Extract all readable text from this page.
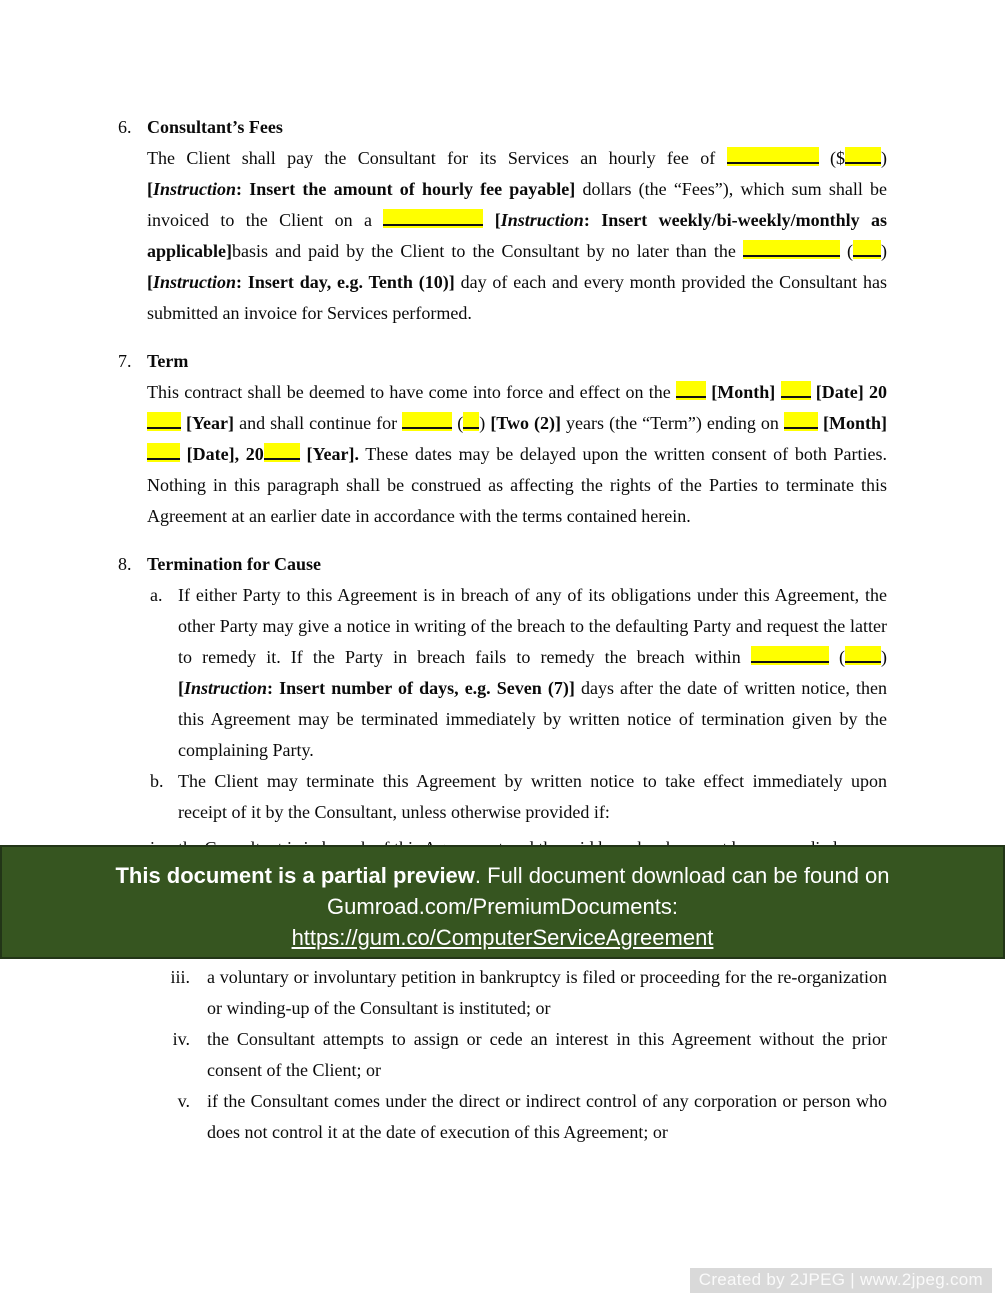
6. Consultant’s Fees

The Client shall pay the Consultant for its Services an hourly fee of	($ ) [Instruction: Insert the amount of hourly fee payable] dollars (the “Fees”), which sum shall be invoiced to the Client on a	[Instruction: Insert weekly/bi-weekly/monthly as applicable]basis and paid by the Client to the Consultant by no later than the	( ) [Instruction: Insert day, e.g. Tenth (10)] day of each and every month provided the Consultant has submitted an invoice for Services performed.

7. Term

This contract shall be deemed to have come into force and effect on the  [Month] [Date] 20 [Year] and shall continue for	( ) [Two (2)] years (the “Term”) ending on  [Month]  [Date], 20 [Year]. These dates may be delayed upon the written consent of both Parties. Nothing in this paragraph shall be construed as affecting the rights of the Parties to terminate this Agreement at an earlier date in accordance with the terms contained herein.

8. Termination for Cause
a. If either Party to this Agreement is in breach of any of its obligations under this Agreement, the other Party may give a notice in writing of the breach to the defaulting Party and request the latter to remedy it. If the Party in breach fails to remedy the breach within	( ) [Instruction: Insert number of days, e.g. Seven (7)] days after the date of written notice, then this Agreement may be terminated immediately by written notice of termination given by the complaining Party.

b. The Client may terminate this Agreement by written notice to take effect immediately upon receipt of it by the Consultant, unless otherwise provided if:

This document is a partial preview. Full document download can be found on
Gumroad.com/PremiumDocuments:
https://gum.co/ComputerServiceAgreement
iii. a voluntary or involuntary petition in bankruptcy is filed or proceeding for the re-organization or winding-up of the Consultant is instituted; or

iv. the Consultant attempts to assign or cede an interest in this Agreement without the prior consent of the Client; or

v. if the Consultant comes under the direct or indirect control of any corporation or person who does not control it at the date of execution of this Agreement; or

Created by 2JPEG | www.2jpeg.com
